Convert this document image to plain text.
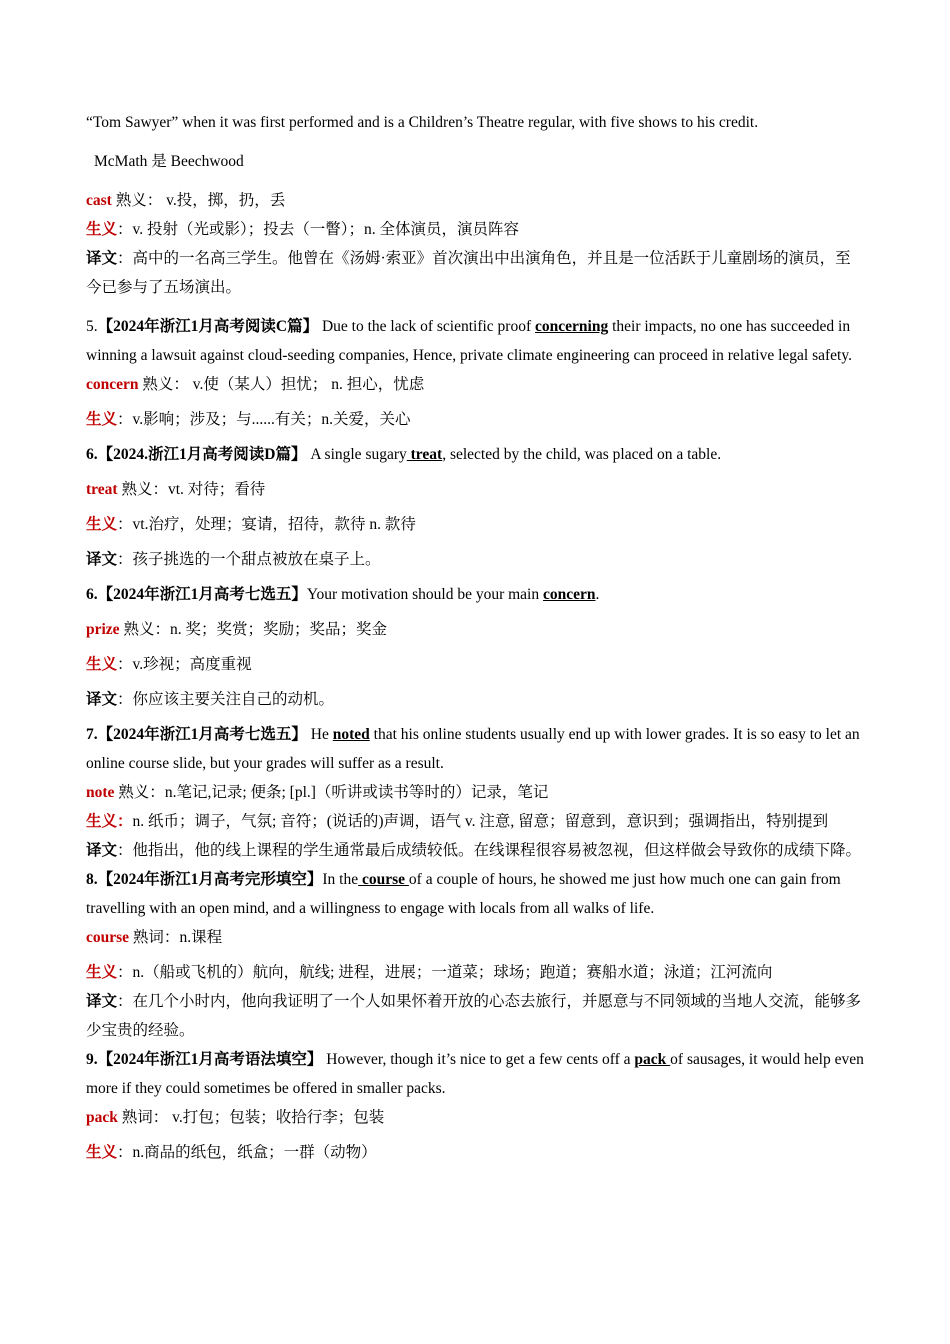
“Tom Sawyer” when it was first performed and is a Children’s Theatre regular, with five shows to his credit.

McMath 是 Beechwood

cast 熟义： v.投，掷，扔，丢

生义：v. 投射（光或影）；投去（一瞥）；n. 全体演员，演员阵容

译文：高中的一名高三学生。他曾在《汤姆·索亚》首次演出中出演角色，并且是一位活跃于儿童剧场的演员，至今已参与了五场演出。

5.【2024年浙江1月高考阅读C篇】 Due to the lack of scientific proof concerning their impacts, no one has succeeded in winning a lawsuit against cloud-seeding companies, Hence, private climate engineering can proceed in relative legal safety.

concern 熟义： v.使（某人）担忧； n. 担心，忧虑

生义：v.影响；涉及；与......有关；n.关爱，关心

6.【2024.浙江1月高考阅读D篇】 A single sugary treat, selected by the child, was placed on a table.

treat 熟义：vt. 对待；看待

生义：vt.治疗，处理；宴请，招待，款待 n. 款待

译文：孩子挑选的一个甜点被放在桌子上。

6.【2024年浙江1月高考七选五】Your motivation should be your main concern.

prize 熟义：n. 奖；奖赏；奖励；奖品；奖金

生义：v.珍视；高度重视

译文：你应该主要关注自己的动机。

7.【2024年浙江1月高考七选五】 He noted that his online students usually end up with lower grades. It is so easy to let an online course slide, but your grades will suffer as a result.

note 熟义：n.笔记,记录; 便条; [pl.]（听讲或读书等时的）记录，笔记

生义：n. 纸币；调子，气氛; 音符；(说话的)声调，语气 v. 注意, 留意；留意到，意识到；强调指出，特别提到

译文：他指出，他的线上课程的学生通常最后成绩较低。在线课程很容易被忽视，但这样做会导致你的成绩下降。

8.【2024年浙江1月高考完形填空】In the course of a couple of hours, he showed me just how much one can gain from travelling with an open mind, and a willingness to engage with locals from all walks of life.

course 熟词：n.课程

生义：n.（船或飞机的）航向，航线; 进程，进展；一道菜；球场；跑道；赛船水道；泳道；江河流向

译文：在几个小时内，他向我证明了一个人如果怀着开放的心态去旅行，并愿意与不同领域的当地人交流，能够多少宝贵的经验。

9.【2024年浙江1月高考语法填空】 However, though it’s nice to get a few cents off a pack of sausages, it would help even more if they could sometimes be offered in smaller packs.

pack 熟词： v.打包；包装；收拾行李；包装

生义：n.商品的纸包，纸盒；一群（动物）
